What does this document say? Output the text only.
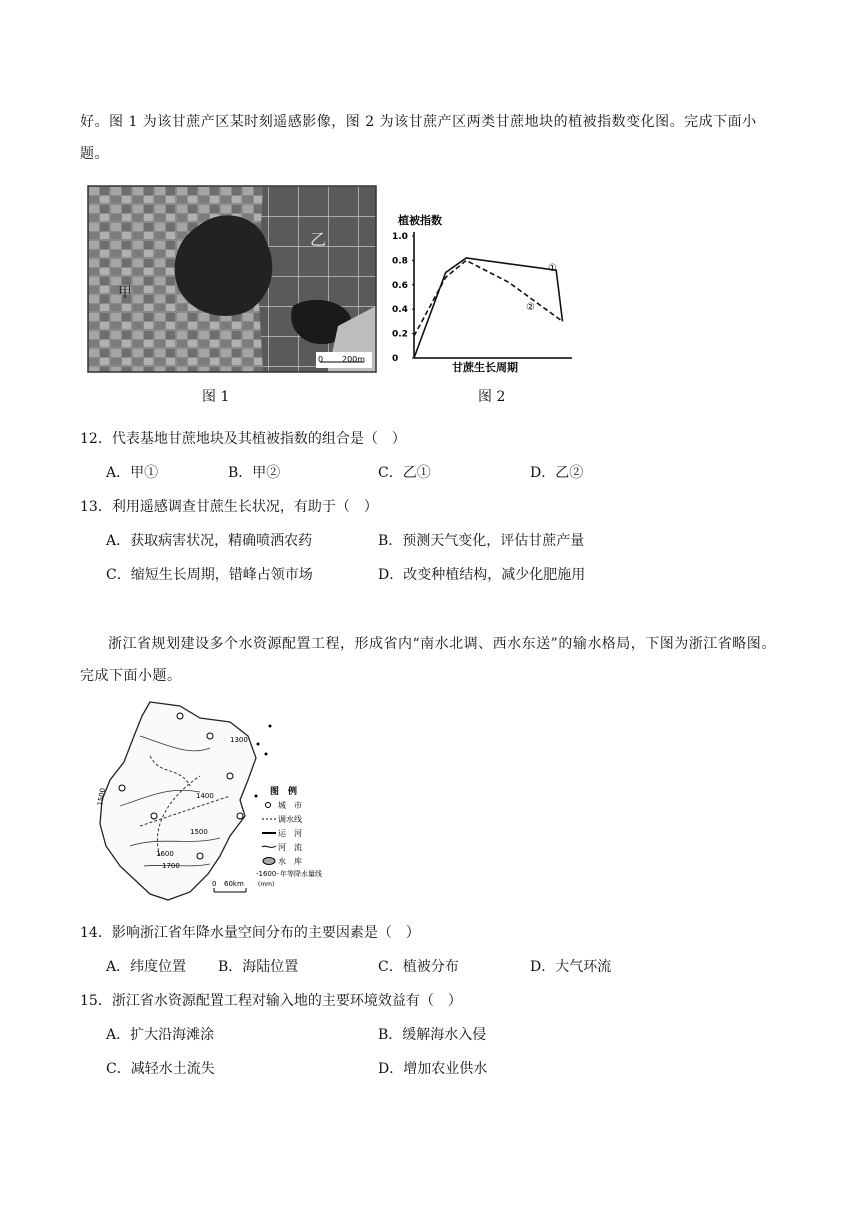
好。图 1 为该甘蔗产区某时刻遥感影像，图 2 为该甘蔗产区两类甘蔗地块的植被指数变化图。完成下面小题。
甲
乙
0 200m
图 1
植被指数
0
0.2
0.4
0.6
0.8
1.0
①
②
甘蔗生长周期
图 2
12．代表基地甘蔗地块及其植被指数的组合是（　）
A．甲①	B．甲②	C．乙①	D．乙②
13．利用遥感调查甘蔗生长状况，有助于（　）
A．获取病害状况，精确喷洒农药	B．预测天气变化，评估甘蔗产量
C．缩短生长周期，错峰占领市场	D．改变种植结构，减少化肥施用
浙江省规划建设多个水资源配置工程，形成省内“南水北调、西水东送”的输水格局，下图为浙江省略图。完成下面小题。
1300
1400
1500
1600
1700
1500	图　例
城　市
调水线
运　河
河　流
水　库
-1600-
(mm)
年等降水量线
0 60km
14．影响浙江省年降水量空间分布的主要因素是（　）
A．纬度位置 B．海陆位置	C．植被分布	D．大气环流
15．浙江省水资源配置工程对输入地的主要环境效益有（　）
A．扩大沿海滩涂	B．缓解海水入侵
C．减轻水土流失	D．增加农业供水
